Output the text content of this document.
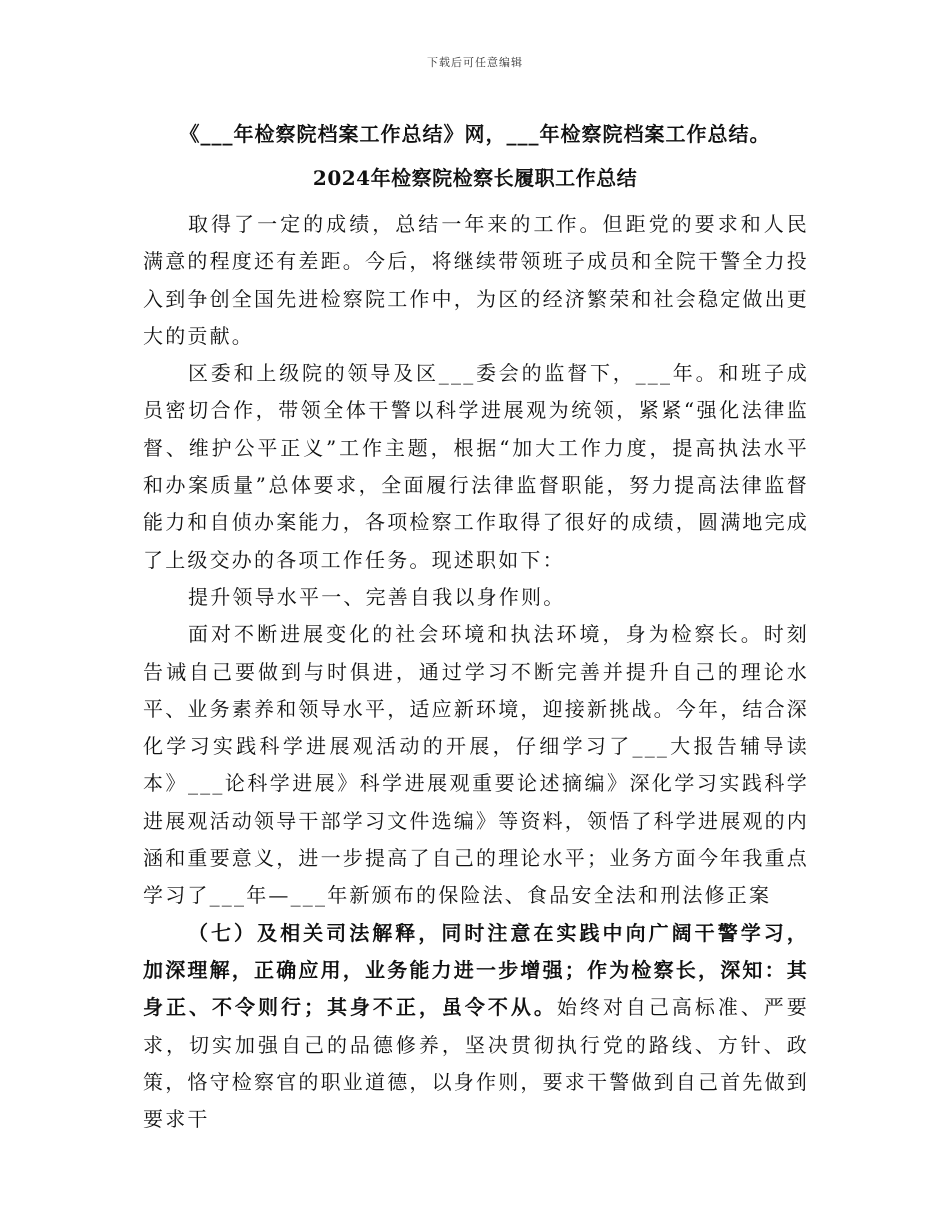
下载后可任意编辑
《___年检察院档案工作总结》网，___年检察院档案工作总结。
2024年检察院检察长履职工作总结

取得了一定的成绩，总结一年来的工作。但距党的要求和人民满意的程度还有差距。今后，将继续带领班子成员和全院干警全力投入到争创全国先进检察院工作中，为区的经济繁荣和社会稳定做出更大的贡献。

区委和上级院的领导及区___委会的监督下，___年。和班子成员密切合作，带领全体干警以科学进展观为统领，紧紧“强化法律监督、维护公平正义”工作主题，根据“加大工作力度，提高执法水平和办案质量”总体要求，全面履行法律监督职能，努力提高法律监督能力和自侦办案能力，各项检察工作取得了很好的成绩，圆满地完成了上级交办的各项工作任务。现述职如下：

提升领导水平一、完善自我以身作则。

面对不断进展变化的社会环境和执法环境，身为检察长。时刻告诫自己要做到与时俱进，通过学习不断完善并提升自己的理论水平、业务素养和领导水平，适应新环境，迎接新挑战。今年，结合深化学习实践科学进展观活动的开展，仔细学习了___大报告辅导读本》___论科学进展》科学进展观重要论述摘编》深化学习实践科学进展观活动领导干部学习文件选编》等资料，领悟了科学进展观的内涵和重要意义，进一步提高了自己的理论水平；业务方面今年我重点学习了___年—___年新颁布的保险法、食品安全法和刑法修正案

（七）及相关司法解释，同时注意在实践中向广阔干警学习，加深理解，正确应用，业务能力进一步增强；作为检察长，深知：其身正、不令则行；其身不正，虽令不从。始终对自己高标准、严要求，切实加强自己的品德修养，坚决贯彻执行党的路线、方针、政策，恪守检察官的职业道德，以身作则，要求干警做到自己首先做到要求干
